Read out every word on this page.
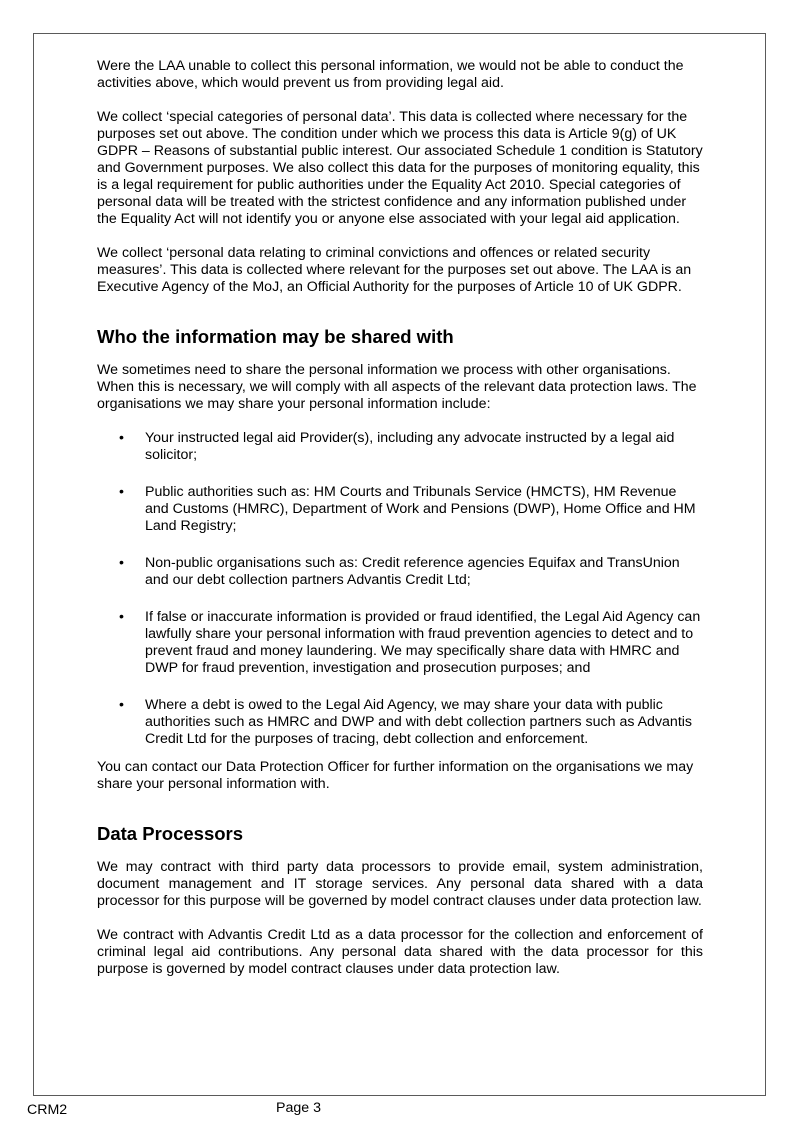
Were the LAA unable to collect this personal information, we would not be able to conduct the activities above, which would prevent us from providing legal aid.

We collect ‘special categories of personal data’. This data is collected where necessary for the purposes set out above. The condition under which we process this data is Article 9(g) of UK GDPR – Reasons of substantial public interest. Our associated Schedule 1 condition is Statutory and Government purposes. We also collect this data for the purposes of monitoring equality, this is a legal requirement for public authorities under the Equality Act 2010. Special categories of personal data will be treated with the strictest confidence and any information published under the Equality Act will not identify you or anyone else associated with your legal aid application.

We collect ‘personal data relating to criminal convictions and offences or related security measures’. This data is collected where relevant for the purposes set out above. The LAA is an Executive Agency of the MoJ, an Official Authority for the purposes of Article 10 of UK GDPR.

Who the information may be shared with

We sometimes need to share the personal information we process with other organisations. When this is necessary, we will comply with all aspects of the relevant data protection laws. The organisations we may share your personal information include:

• Your instructed legal aid Provider(s), including any advocate instructed by a legal aid solicitor;
• Public authorities such as: HM Courts and Tribunals Service (HMCTS), HM Revenue and Customs (HMRC), Department of Work and Pensions (DWP), Home Office and HM Land Registry;
• Non-public organisations such as: Credit reference agencies Equifax and TransUnion and our debt collection partners Advantis Credit Ltd;
• If false or inaccurate information is provided or fraud identified, the Legal Aid Agency can lawfully share your personal information with fraud prevention agencies to detect and to prevent fraud and money laundering. We may specifically share data with HMRC and DWP for fraud prevention, investigation and prosecution purposes; and
• Where a debt is owed to the Legal Aid Agency, we may share your data with public authorities such as HMRC and DWP and with debt collection partners such as Advantis Credit Ltd for the purposes of tracing, debt collection and enforcement.

You can contact our Data Protection Officer for further information on the organisations we may share your personal information with.

Data Processors

We may contract with third party data processors to provide email, system administration, document management and IT storage services. Any personal data shared with a data processor for this purpose will be governed by model contract clauses under data protection law.

We contract with Advantis Credit Ltd as a data processor for the collection and enforcement of criminal legal aid contributions. Any personal data shared with the data processor for this purpose is governed by model contract clauses under data protection law.

CRM2	Page 3
